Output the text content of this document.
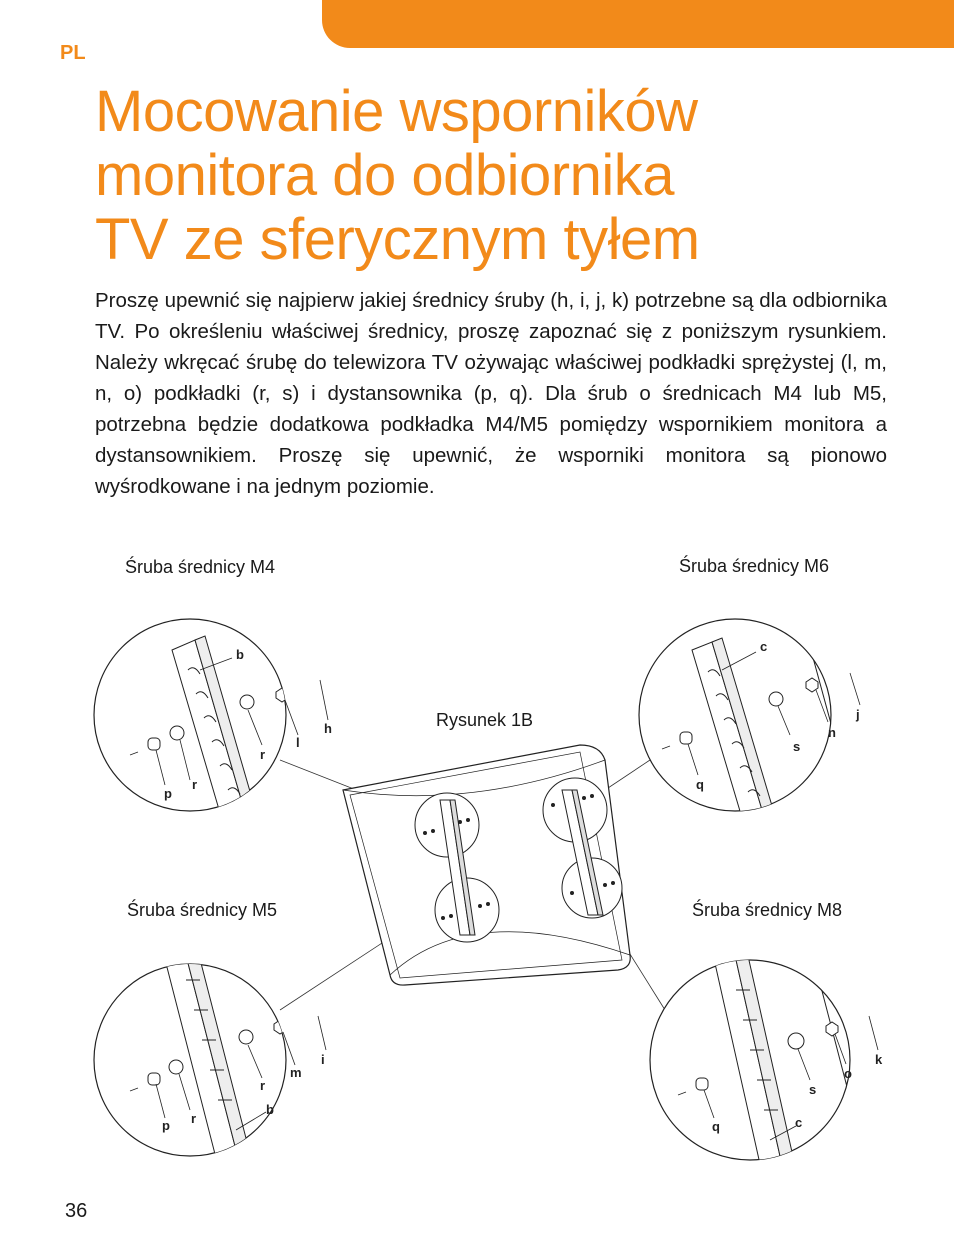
PL
Mocowanie wsporników
monitora do odbiornika
TV ze sferycznym tyłem

Proszę upewnić się najpierw jakiej średnicy śruby (h, i, j, k) potrzebne są dla odbiornika TV. Po określeniu właściwej średnicy, proszę zapoznać się z poniższym rysunkiem. Należy wkręcać śrubę do telewizora TV ożywając właściwej podkładki sprężystej (l, m, n, o) podkładki (r, s) i dystansownika (p, q). Dla śrub o średnicach M4 lub M5, potrzebna będzie dodatkowa podkładka M4/M5 pomiędzy wspornikiem monitora a dystansownikiem. Proszę się upewnić, że wsporniki monitora są pionowo wyśrodkowane i na jednym poziomie.

Śruba średnicy M4	Śruba średnicy M6
Rysunek 1B
Śruba średnicy M5	Śruba średnicy M8
b
h
l
r
r
p
c
j
n
s
q
i
m
r
b
r
p
k
o
s
c
q
36
